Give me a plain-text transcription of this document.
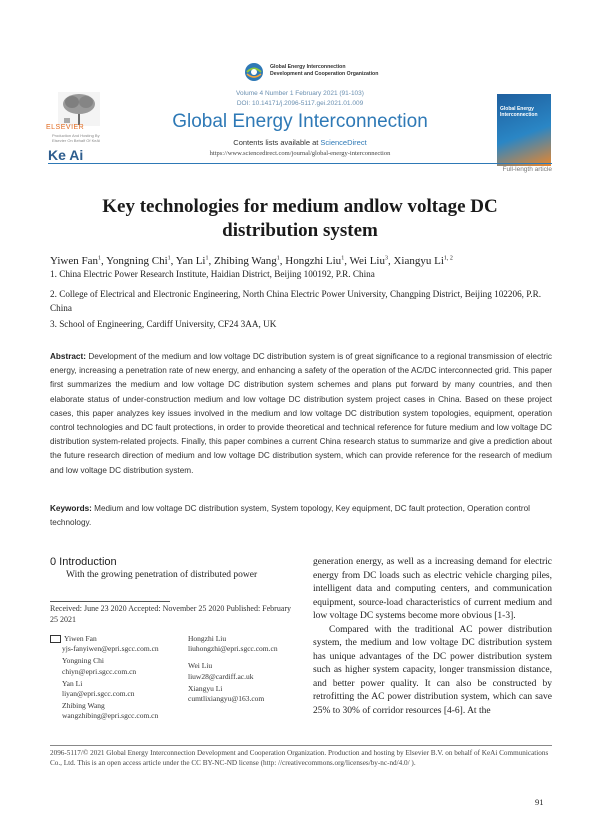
Global Energy Interconnection
Development and Cooperation Organization
ELSEVIER
Production And Hosting By Elsevier On Behalf Of KeAi
Ke Ai
Volume 4 Number 1 February 2021 (91-103)
DOI: 10.14171/j.2096-5117.gei.2021.01.009
Global Energy Interconnection
Contents lists available at ScienceDirect
https://www.sciencedirect.com/journal/global-energy-interconnection
Global Energy Interconnection
Full-length article
Key technologies for medium andlow voltage DC distribution system
Yiwen Fan$^1$, Yongning Chi$^1$, Yan Li$^1$, Zhibing Wang$^1$, Hongzhi Liu$^1$, Wei Liu$^3$, Xiangyu Li$^{1, 2}$
1. China Electric Power Research Institute, Haidian District, Beijing 100192, P.R. China
2. College of Electrical and Electronic Engineering, North China Electric Power University, Changping District, Beijing 102206, P.R. China
3. School of Engineering, Cardiff University, CF24 3AA, UK
Abstract: Development of the medium and low voltage DC distribution system is of great significance to a regional transmission of electric energy, increasing a penetration rate of new energy, and enhancing a safety of the operation of the AC/DC interconnected grid. This paper first summarizes the medium and low voltage DC distribution system schemes and plans put forward by many countries, and then elaborate status of under-construction medium and low voltage DC distribution system project cases in China. Based on these project cases, this paper analyzes key issues involved in the medium and low voltage DC distribution system topologies, equipment, operation control technologies and DC fault protections, in order to provide theoretical and technical reference for future medium and low voltage DC distribution system-related projects. Finally, this paper combines a current China research status to summarize and give a prediction about the future research direction of medium and low voltage DC distribution system, which can provide reference for the research of medium and low voltage DC distribution system.
Keywords: Medium and low voltage DC distribution system, System topology, Key equipment, DC fault protection, Operation control technology.
0 Introduction
With the growing penetration of distributed power
Received: June 23 2020 Accepted: November 25 2020 Published: February 25 2021
Yiwen Fan
yjs-fanyiwen@epri.sgcc.com.cn
Yongning Chi
chiyn@epri.sgcc.com.cn
Yan Li
liyan@epri.sgcc.com.cn
Zhibing Wang
wangzhibing@epri.sgcc.com.cn
Hongzhi Liu
liuhongzhi@epri.sgcc.com.cn
Wei Liu
liuw28@cardiff.ac.uk
Xiangyu Li
cumtlixiangyu@163.com

generation energy, as well as a increasing demand for electric energy from DC loads such as electric vehicle charging piles, intelligent data and computing centers, and communication equipment, source-load characteristics of current medium and low voltage DC systems become more obvious [1-3].

Compared with the traditional AC power distribution system, the medium and low voltage DC distribution system has unique advantages of the DC power distribution system such as higher system capacity, longer transmission distance, and better power quality. It can also be constructed by retrofitting the AC power distribution system, which can save 25% to 30% of corridor resources [4-6]. At the

2096-5117/© 2021 Global Energy Interconnection Development and Cooperation Organization. Production and hosting by Elsevier B.V. on behalf of KeAi Communications Co., Ltd. This is an open access article under the CC BY-NC-ND license (http: //creativecommons.org/licenses/by-nc-nd/4.0/ ).
91
